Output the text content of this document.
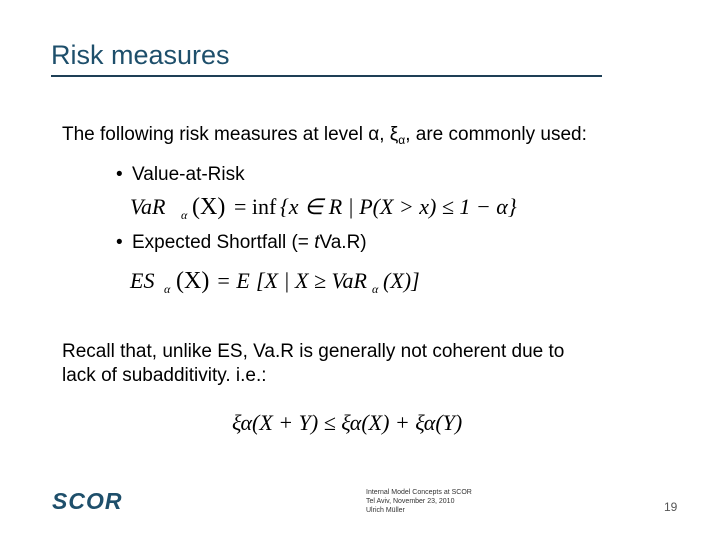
Risk measures
The following risk measures at level α, $\xi_\alpha$, are commonly used:
• Value-at-Risk
VaR α (X) = inf {x ∈ R | P(X > x) ≤ 1 − α}
• Expected Shortfall (= tVa.R)
ES α (X) = E [X | X ≥ VaR α (X)]
Recall that, unlike ES, Va.R is generally not coherent due to
lack of subadditivity. i.e.:
ξα(X + Y) ≤ ξα(X) + ξα(Y)
SCOR	Internal Model Concepts at SCOR
Tel Aviv, November 23, 2010
Ulrich Müller	19
